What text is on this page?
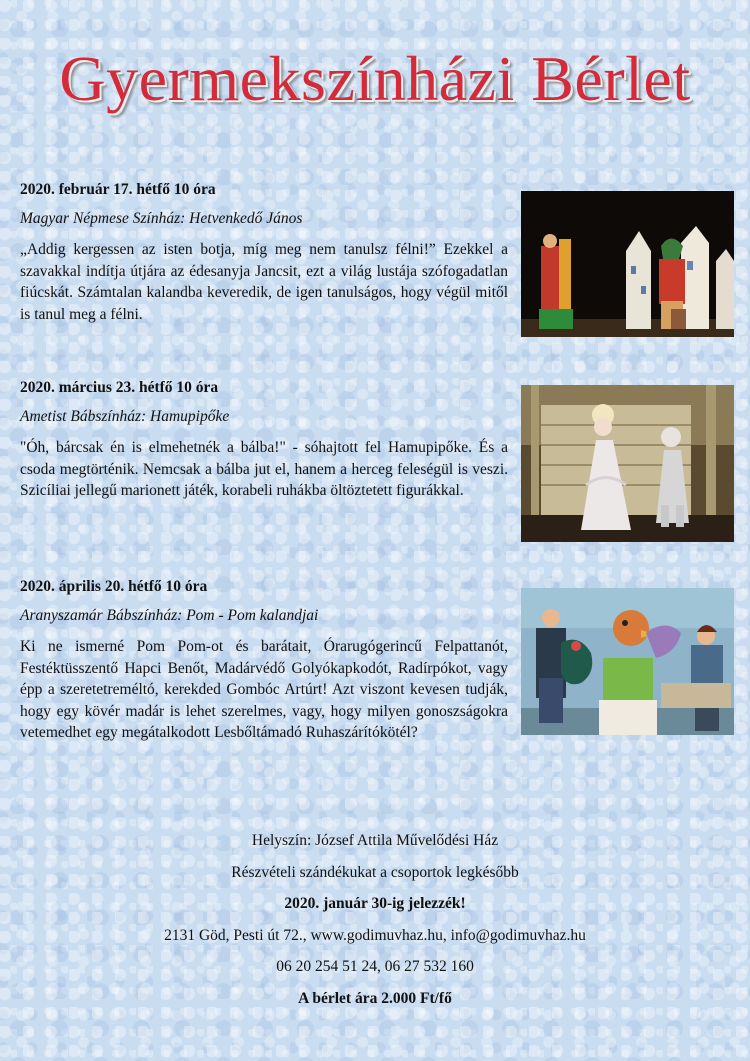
Gyermekszínházi Bérlet

2020. február 17. hétfő 10 óra

Magyar Népmese Színház: Hetvenkedő János

„Addig kergessen az isten botja, míg meg nem tanulsz félni!” Ezekkel a szavakkal indítja útjára az édesanyja Jancsit, ezt a világ lustája szófogadatlan fiúcskát. Számtalan kalandba keveredik, de igen tanulságos, hogy végül mitől is tanul meg a félni.

2020. március 23. hétfő 10 óra

Ametist Bábszínház: Hamupipőke

"Óh, bárcsak én is elmehetnék a bálba!" - sóhajtott fel Hamupipőke. És a csoda megtörténik. Nemcsak a bálba jut el, hanem a herceg feleségül is veszi. Szicíliai jellegű marionett játék, korabeli ruhákba öltöztetett figurákkal.

2020. április 20. hétfő 10 óra

Aranyszamár Bábszínház: Pom - Pom kalandjai

Ki ne ismerné Pom Pom-ot és barátait, Órarugógerincű Felpattanót, Festéktüsszentő Hapci Benőt, Madárvédő Golyókapkodót, Radírpókot, vagy épp a szeretetreméltó, kerekded Gombóc Artúrt! Azt viszont kevesen tudják, hogy egy kövér madár is lehet szerelmes, vagy, hogy milyen gonoszságokra vetemedhet egy megátalkodott Lesbőltámadó Ruhaszárítókötél?

Helyszín: József Attila Művelődési Ház

Részvételi szándékukat a csoportok legkésőbb

2020. január 30-ig jelezzék!

2131 Göd, Pesti út 72., www.godimuvhaz.hu, info@godimuvhaz.hu

06 20 254 51 24, 06 27 532 160

A bérlet ára 2.000 Ft/fő
